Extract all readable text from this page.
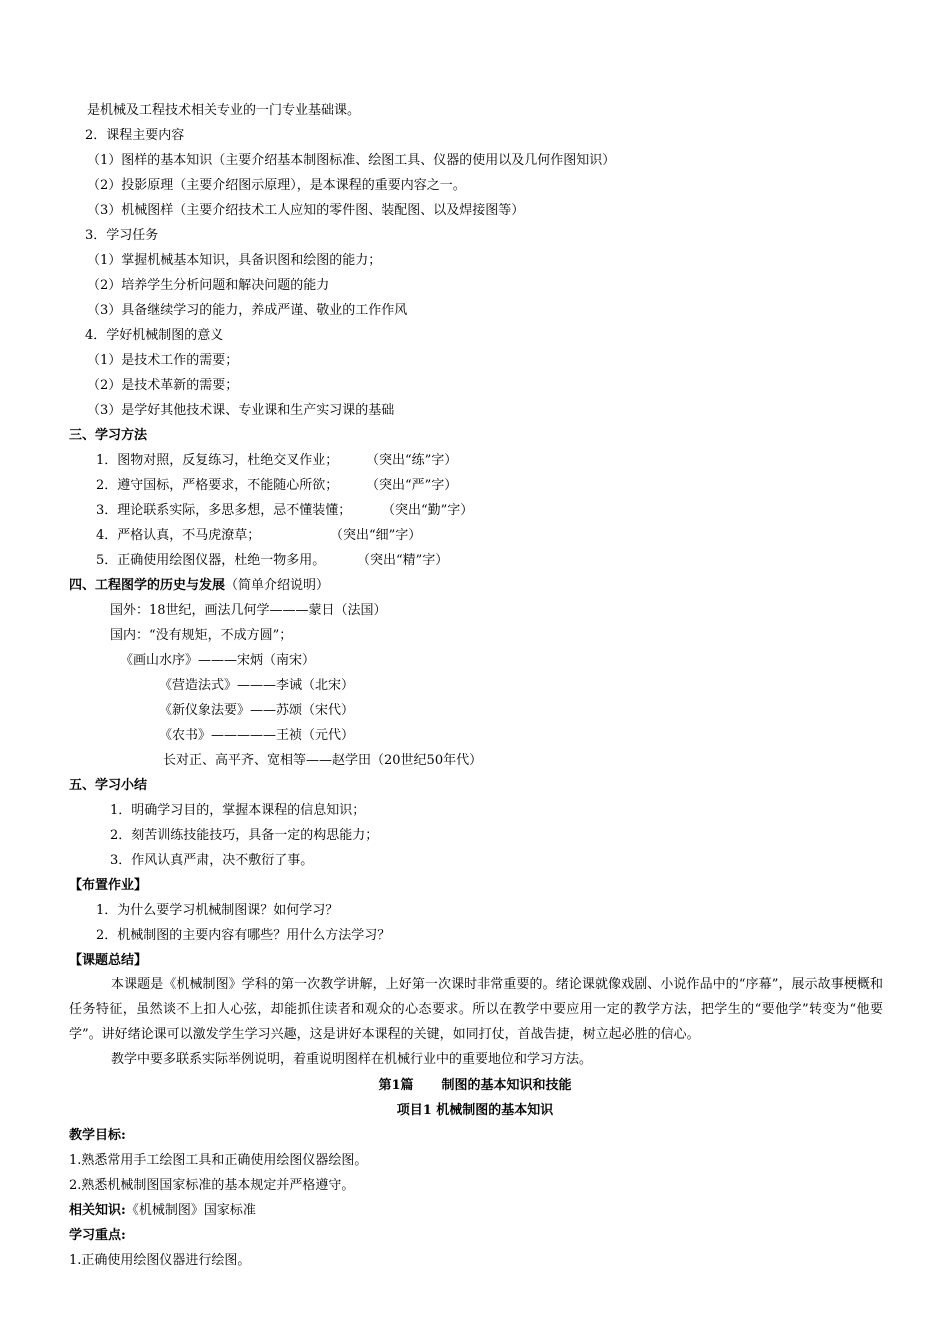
是机械及工程技术相关专业的一门专业基础课。
2．课程主要内容
（1）图样的基本知识（主要介绍基本制图标准、绘图工具、仪器的使用以及几何作图知识）
（2）投影原理（主要介绍图示原理），是本课程的重要内容之一。
（3）机械图样（主要介绍技术工人应知的零件图、装配图、以及焊接图等）
3．学习任务
（1）掌握机械基本知识，具备识图和绘图的能力；
（2）培养学生分析问题和解决问题的能力
（3）具备继续学习的能力，养成严谨、敬业的工作作风
4．学好机械制图的意义
（1）是技术工作的需要；
（2）是技术革新的需要；
（3）是学好其他技术课、专业课和生产实习课的基础
三、学习方法
1．图物对照，反复练习，杜绝交叉作业； （突出“练”字）
2．遵守国标，严格要求，不能随心所欲； （突出“严”字）
3．理论联系实际，多思多想，忌不懂装懂； （突出“勤”字）
4．严格认真，不马虎潦草；	（突出“细”字）
5．正确使用绘图仪器，杜绝一物多用。 （突出“精”字）
四、工程图学的历史与发展（简单介绍说明）
国外：18世纪，画法几何学———蒙日（法国）
国内：“没有规矩，不成方圆”；
《画山水序》———宋炳（南宋）
《营造法式》———李诫（北宋）
《新仪象法要》——苏颂（宋代）
《农书》—————王祯（元代）
长对正、高平齐、宽相等——赵学田（20世纪50年代）
五、学习小结
1．明确学习目的，掌握本课程的信息知识；
2．刻苦训练技能技巧，具备一定的构思能力；
3．作风认真严肃，决不敷衍了事。
【布置作业】
1．为什么要学习机械制图课？如何学习？
2．机械制图的主要内容有哪些？用什么方法学习？
【课题总结】
本课题是《机械制图》学科的第一次教学讲解，上好第一次课时非常重要的。绪论课就像戏剧、小说作品中的“序幕”，展示故事梗概和任务特征，虽然谈不上扣人心弦，却能抓住读者和观众的心态要求。所以在教学中要应用一定的教学方法，把学生的“要他学”转变为“他要学”。讲好绪论课可以激发学生学习兴趣，这是讲好本课程的关键，如同打仗，首战告捷，树立起必胜的信心。
教学中要多联系实际举例说明，着重说明图样在机械行业中的重要地位和学习方法。
第1篇 制图的基本知识和技能
项目1 机械制图的基本知识
教学目标:
1.熟悉常用手工绘图工具和正确使用绘图仪器绘图。
2.熟悉机械制图国家标准的基本规定并严格遵守。
相关知识:《机械制图》国家标准
学习重点:
1.正确使用绘图仪器进行绘图。
